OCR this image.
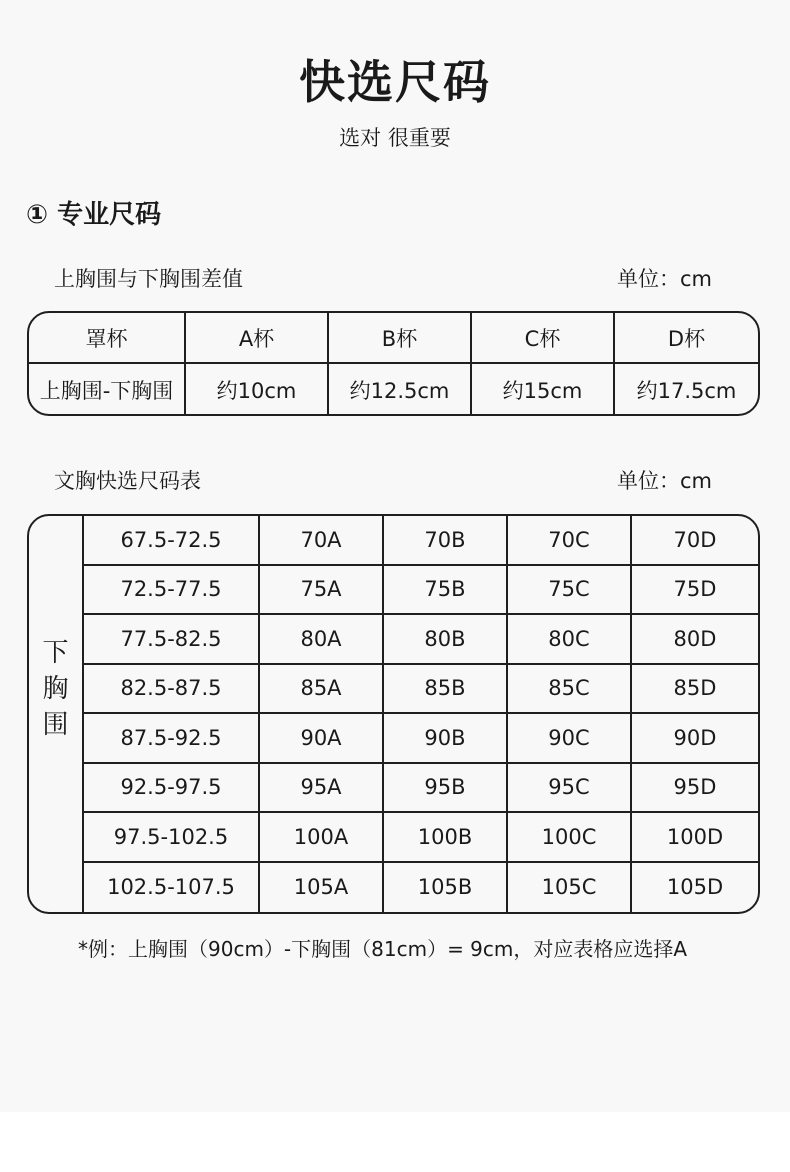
快选尺码
选对 很重要
① 专业尺码
上胸围与下胸围差值	单位：cm
罩杯	A杯	B杯	C杯	D杯
上胸围-下胸围	约10cm	约12.5cm	约15cm	约17.5cm
文胸快选尺码表	单位：cm
下胸围
67.5-72.5	70A	70B	70C	70D
72.5-77.5	75A	75B	75C	75D
77.5-82.5	80A	80B	80C	80D
82.5-87.5	85A	85B	85C	85D
87.5-92.5	90A	90B	90C	90D
92.5-97.5	95A	95B	95C	95D
97.5-102.5	100A	100B	100C	100D
102.5-107.5	105A	105B	105C	105D
*例：上胸围（90cm）-下胸围（81cm）= 9cm，对应表格应选择A
